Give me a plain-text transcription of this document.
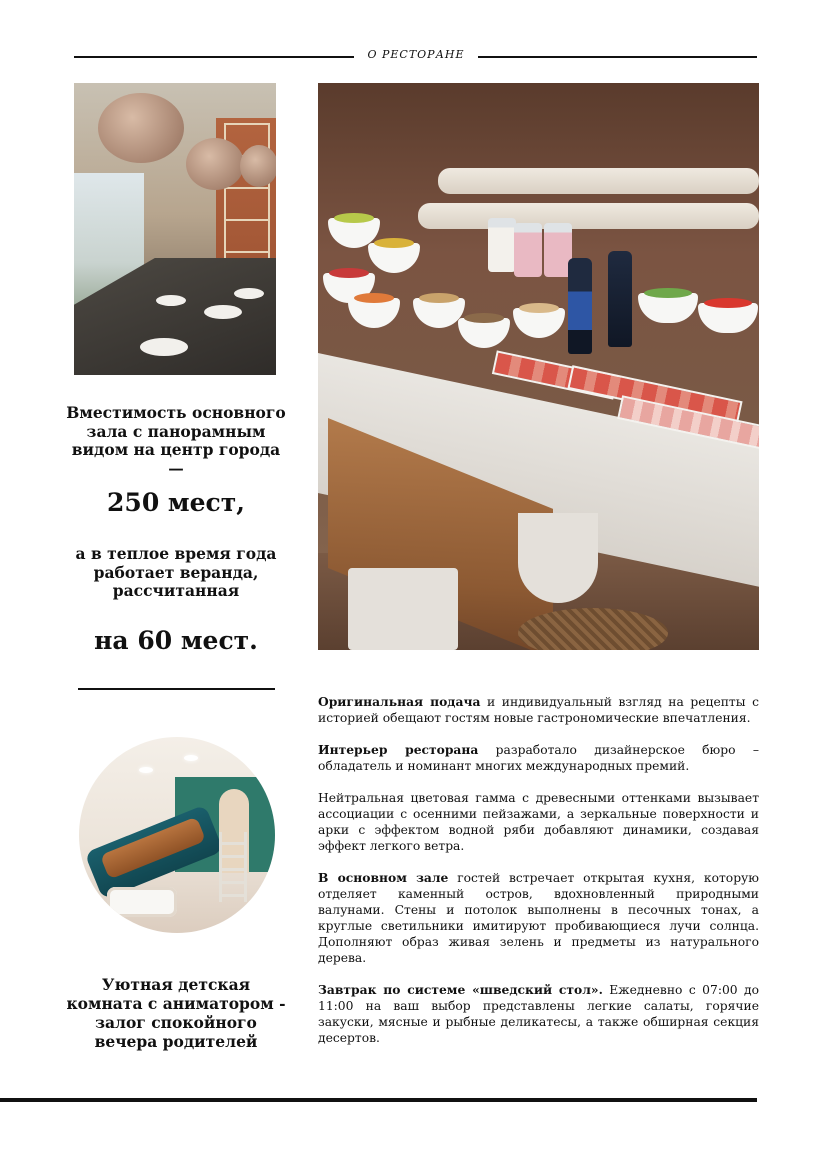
О РЕСТОРАНЕ
Вместимость основного зала с панорамным видом на центр города —
250 мест,
а в теплое время года работает веранда, рассчитанная
на 60 мест.
Уютная детская комната с аниматором - залог спокойного вечера родителей

Оригинальная подача и индивидуальный взгляд на рецепты с историей обещают гостям новые гастрономические впечатления.

Интерьер ресторана разработало дизайнерское бюро – обладатель и номинант многих международных премий.

Нейтральная цветовая гамма с древесными оттенками вызывает ассоциации с осенними пейзажами, а зеркальные поверхности и арки с эффектом водной ряби добавляют динамики, создавая эффект легкого ветра.

В основном зале гостей встречает открытая кухня, которую отделяет каменный остров, вдохновленный природными валунами. Стены и потолок выполнены в песочных тонах, а круглые светильники имитируют пробивающиеся лучи солнца. Дополняют образ живая зелень и предметы из натурального дерева.

Завтрак по системе «шведский стол». Ежедневно с 07:00 до 11:00 на ваш выбор представлены легкие салаты, горячие закуски, мясные и рыбные деликатесы, а также обширная секция десертов.
